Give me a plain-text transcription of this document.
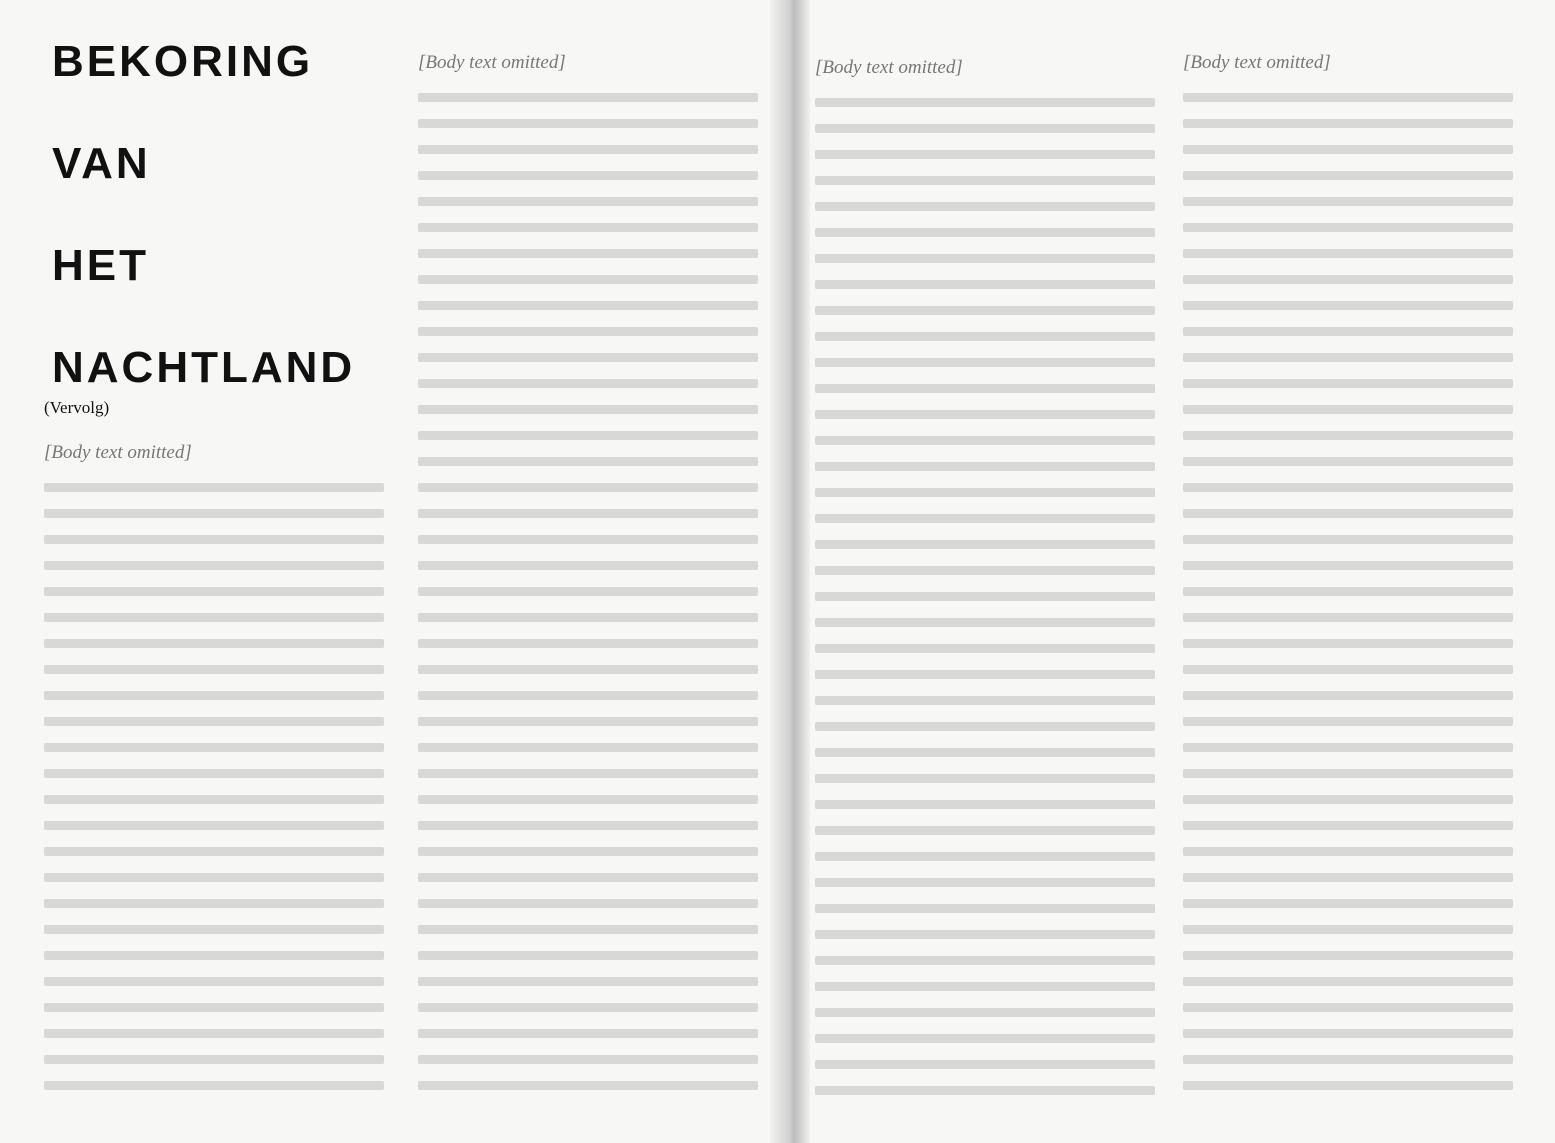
BEKORING
VAN
HET
NACHTLAND
(Vervolg)
[Body text omitted]
[Body text omitted]	[Body text omitted]	[Body text omitted]
